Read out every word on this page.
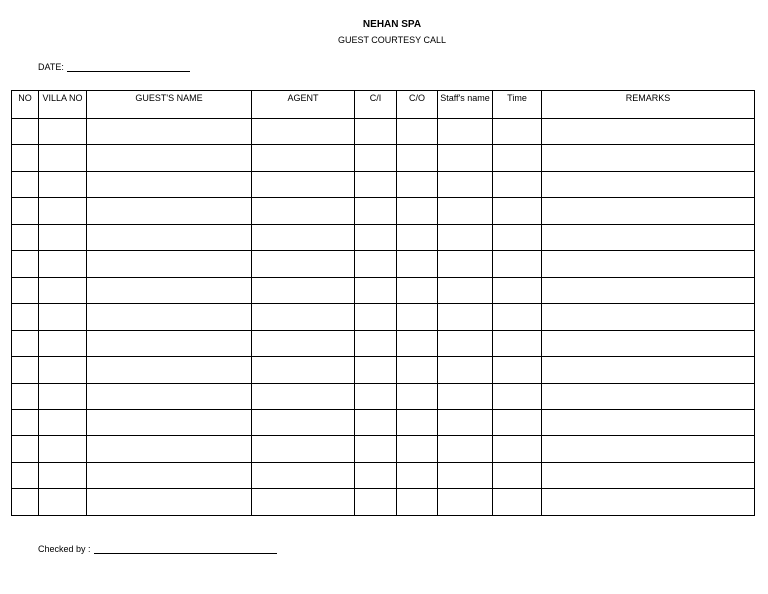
NEHAN SPA
GUEST COURTESY CALL
DATE:
NO	VILLA NO	GUEST'S NAME	AGENT	C/I	C/O	Staff's name	Time	REMARKS

Checked by :
